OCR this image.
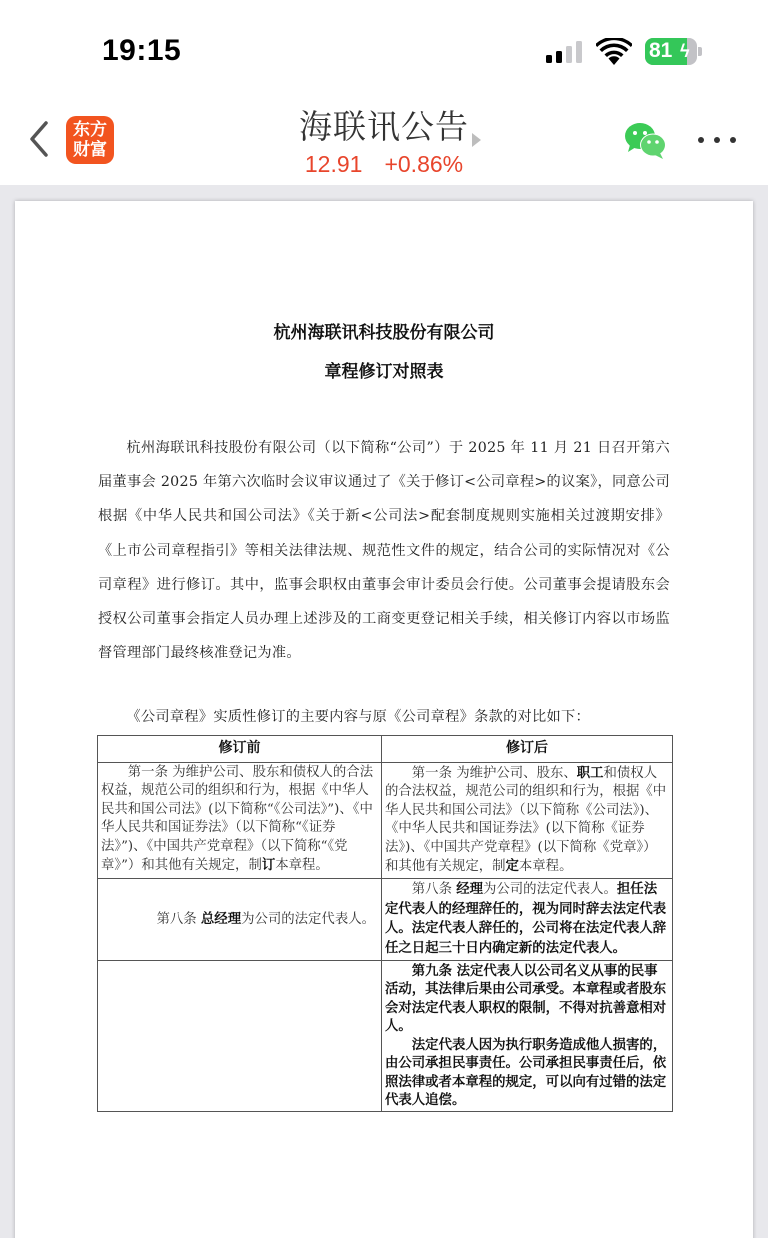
19:15	81 ϟ
东方
财富
海联讯公告
12.91 +0.86%
杭州海联讯科技股份有限公司
章程修订对照表

杭州海联讯科技股份有限公司（以下简称“公司”）于 2025 年 11 月 21 日召开第六届董事会 2025 年第六次临时会议审议通过了《关于修订<公司章程>的议案》，同意公司根据《中华人民共和国公司法》《关于新<公司法>配套制度规则实施相关过渡期安排》《上市公司章程指引》等相关法律法规、规范性文件的规定，结合公司的实际情况对《公司章程》进行修订。其中，监事会职权由董事会审计委员会行使。公司董事会提请股东会授权公司董事会指定人员办理上述涉及的工商变更登记相关手续，相关修订内容以市场监督管理部门最终核准登记为准。

《公司章程》实质性修订的主要内容与原《公司章程》条款的对比如下：

修订前	修订后
第一条 为维护公司、股东和债权人的合法权益，规范公司的组织和行为，根据《中华人民共和国公司法》(以下简称“《公司法》”)、《中华人民共和国证券法》（以下简称“《证券法》”)、《中国共产党章程》（以下简称“《党章》”）和其他有关规定，制订本章程。	第一条 为维护公司、股东、职工和债权人的合法权益，规范公司的组织和行为，根据《中华人民共和国公司法》（以下简称《公司法》)、《中华人民共和国证券法》(以下简称《证券法》)、《中国共产党章程》(以下简称《党章》）和其他有关规定，制定本章程。
第八条 总经理为公司的法定代表人。	第八条 经理为公司的法定代表人。担任法定代表人的经理辞任的，视为同时辞去法定代表人。法定代表人辞任的，公司将在法定代表人辞任之日起三十日内确定新的法定代表人。

	第九条 法定代表人以公司名义从事的民事活动，其法律后果由公司承受。本章程或者股东会对法定代表人职权的限制，不得对抗善意相对人。
法定代表人因为执行职务造成他人损害的，由公司承担民事责任。公司承担民事责任后，依照法律或者本章程的规定，可以向有过错的法定代表人追偿。
